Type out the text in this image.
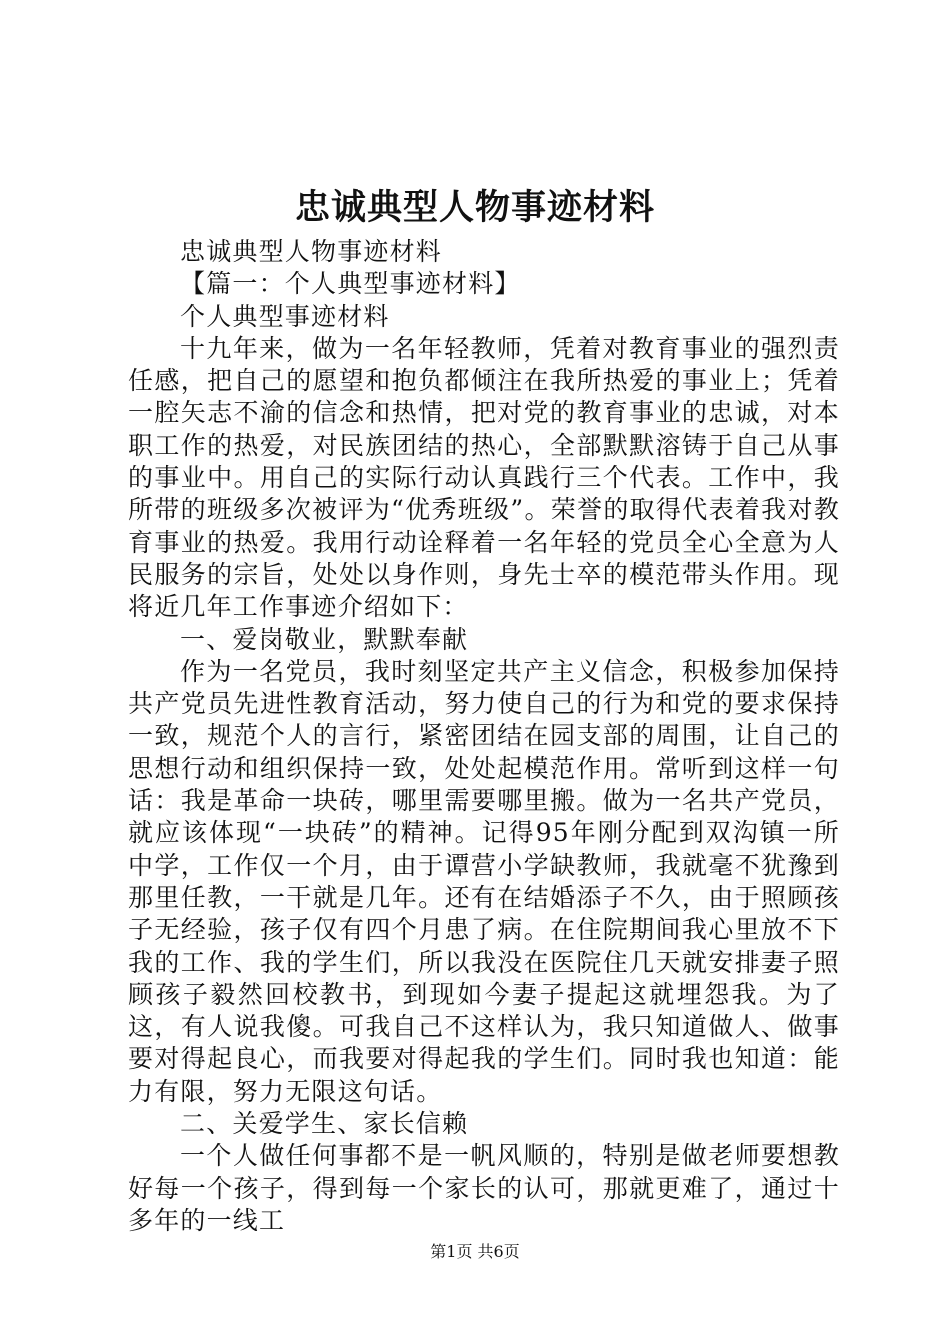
忠诚典型人物事迹材料

忠诚典型人物事迹材料

【篇一：个人典型事迹材料】

个人典型事迹材料

十九年来，做为一名年轻教师，凭着对教育事业的强烈责任感，把自己的愿望和抱负都倾注在我所热爱的事业上；凭着一腔矢志不渝的信念和热情，把对党的教育事业的忠诚，对本职工作的热爱，对民族团结的热心，全部默默溶铸于自己从事的事业中。用自己的实际行动认真践行三个代表。工作中，我所带的班级多次被评为“优秀班级”。荣誉的取得代表着我对教育事业的热爱。我用行动诠释着一名年轻的党员全心全意为人民服务的宗旨，处处以身作则，身先士卒的模范带头作用。现将近几年工作事迹介绍如下：

一、爱岗敬业，默默奉献

作为一名党员，我时刻坚定共产主义信念，积极参加保持共产党员先进性教育活动，努力使自己的行为和党的要求保持一致，规范个人的言行，紧密团结在园支部的周围，让自己的思想行动和组织保持一致，处处起模范作用。常听到这样一句话：我是革命一块砖，哪里需要哪里搬。做为一名共产党员，就应该体现“一块砖”的精神。记得95年刚分配到双沟镇一所中学，工作仅一个月，由于谭营小学缺教师，我就毫不犹豫到那里任教，一干就是几年。还有在结婚添子不久，由于照顾孩子无经验，孩子仅有四个月患了病。在住院期间我心里放不下我的工作、我的学生们，所以我没在医院住几天就安排妻子照顾孩子毅然回校教书，到现如今妻子提起这就埋怨我。为了这，有人说我傻。可我自己不这样认为，我只知道做人、做事要对得起良心，而我要对得起我的学生们。同时我也知道：能力有限，努力无限这句话。

二、关爱学生、家长信赖

一个人做任何事都不是一帆风顺的，特别是做老师要想教好每一个孩子，得到每一个家长的认可，那就更难了，通过十多年的一线工

第1页 共6页
